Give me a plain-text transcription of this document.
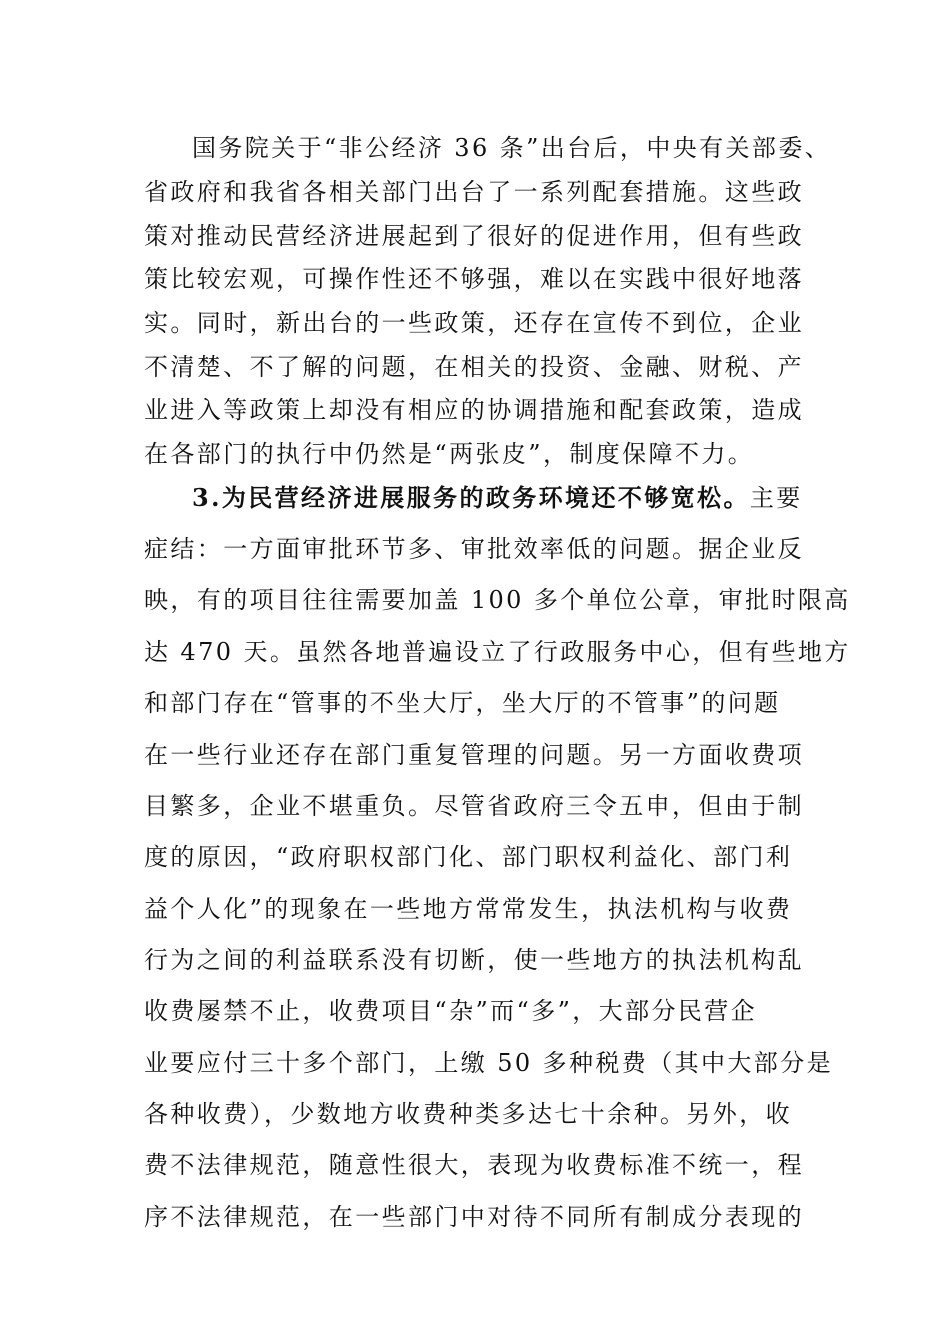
国务院关于“非公经济 36 条”出台后，中央有关部委、
省政府和我省各相关部门出台了一系列配套措施。这些政
策对推动民营经济进展起到了很好的促进作用，但有些政
策比较宏观，可操作性还不够强，难以在实践中很好地落
实。同时，新出台的一些政策，还存在宣传不到位，企业
不清楚、不了解的问题，在相关的投资、金融、财税、产
业进入等政策上却没有相应的协调措施和配套政策，造成
在各部门的执行中仍然是“两张皮”，制度保障不力。
3.为民营经济进展服务的政务环境还不够宽松。主要
症结：一方面审批环节多、审批效率低的问题。据企业反
映，有的项目往往需要加盖 100 多个单位公章，审批时限高
达 470 天。虽然各地普遍设立了行政服务中心，但有些地方
和部门存在“管事的不坐大厅，坐大厅的不管事”的问题
在一些行业还存在部门重复管理的问题。另一方面收费项
目繁多，企业不堪重负。尽管省政府三令五申，但由于制
度的原因，“政府职权部门化、部门职权利益化、部门利
益个人化”的现象在一些地方常常发生，执法机构与收费
行为之间的利益联系没有切断，使一些地方的执法机构乱
收费屡禁不止，收费项目“杂”而“多”，大部分民营企
业要应付三十多个部门，上缴 50 多种税费（其中大部分是
各种收费），少数地方收费种类多达七十余种。另外，收
费不法律规范，随意性很大，表现为收费标准不统一，程
序不法律规范，在一些部门中对待不同所有制成分表现的
